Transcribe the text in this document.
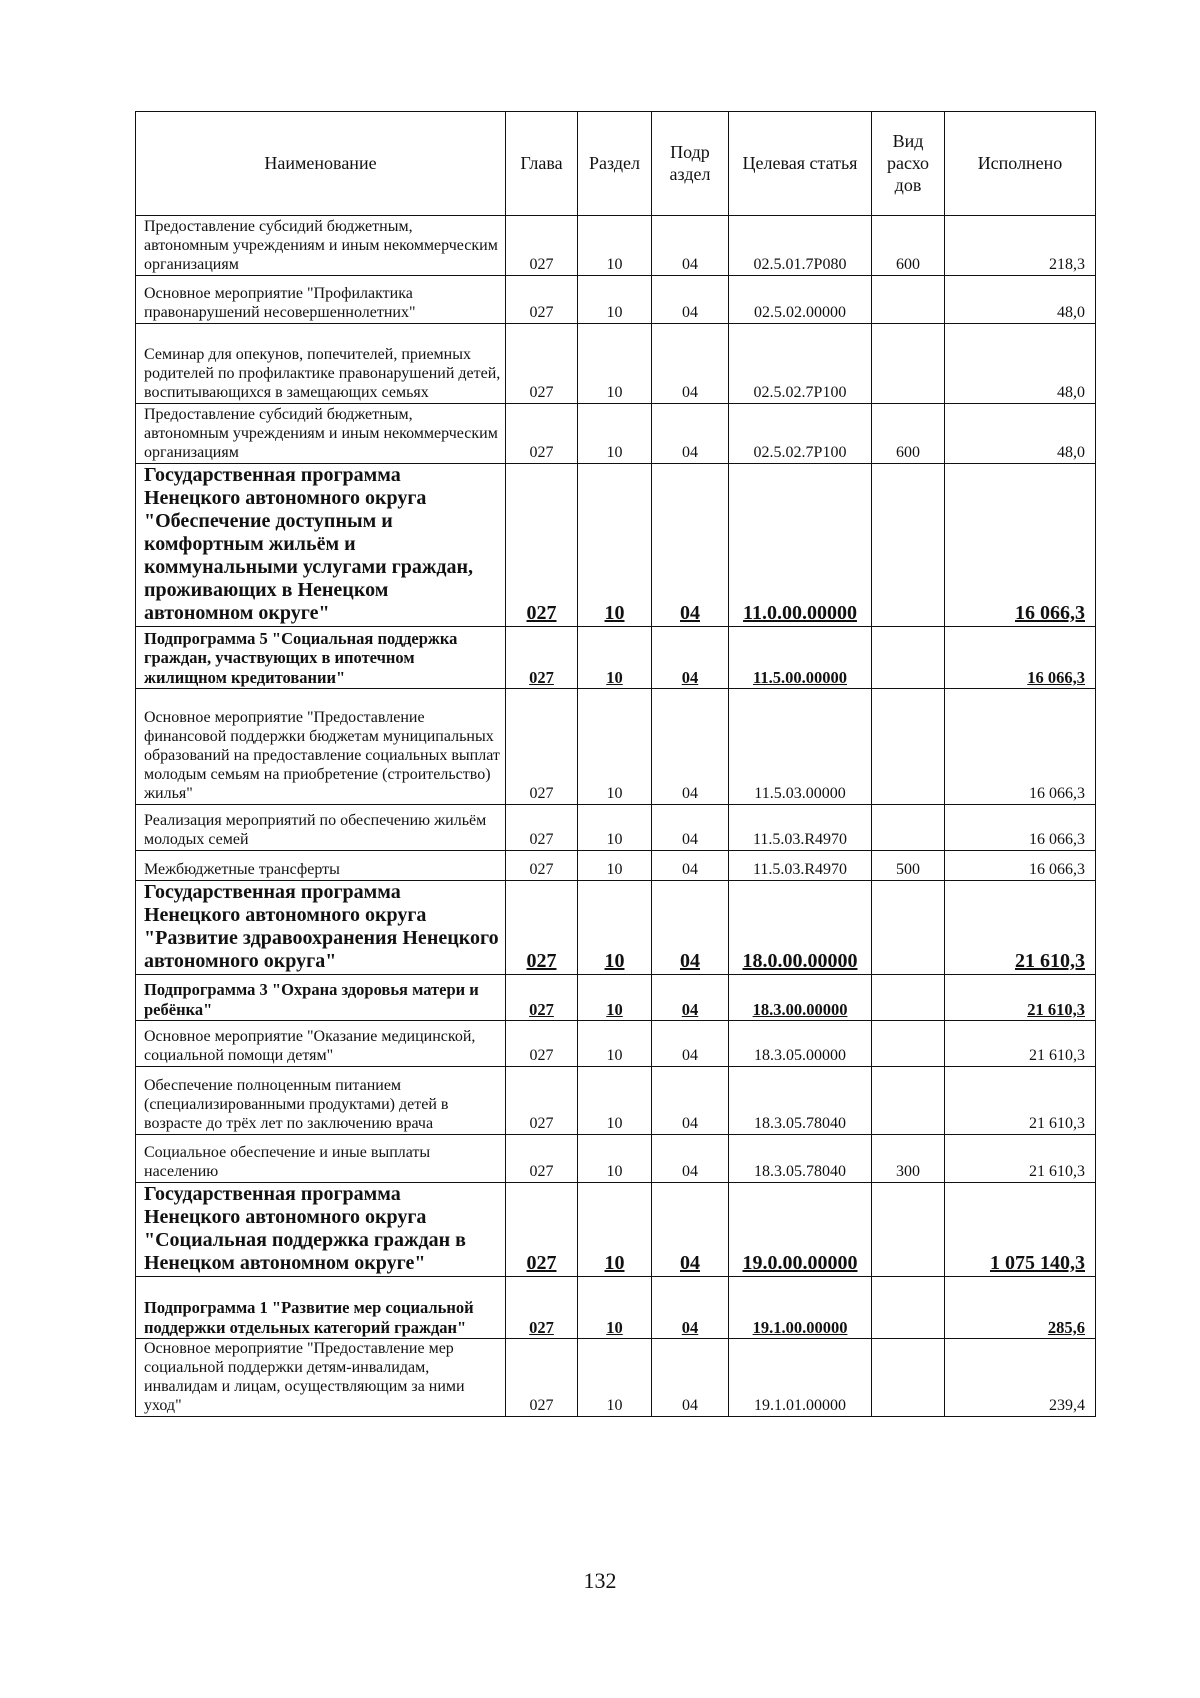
Наименование	Глава	Раздел	Подр аздел	Целевая статья	Вид расхо дов	Исполнено
Предоставление субсидий бюджетным, автономным учреждениям и иным некоммерческим организациям	027	10	04	02.5.01.7Р080	600	218,3
Основное мероприятие "Профилактика правонарушений несовершеннолетних"	027	10	04	02.5.02.00000		48,0
Семинар для опекунов, попечителей, приемных родителей по профилактике правонарушений детей, воспитывающихся в замещающих семьях	027	10	04	02.5.02.7Р100		48,0
Предоставление субсидий бюджетным, автономным учреждениям и иным некоммерческим организациям	027	10	04	02.5.02.7Р100	600	48,0
Государственная программа Ненецкого автономного округа "Обеспечение доступным и комфортным жильём и коммунальными услугами граждан, проживающих в Ненецком автономном округе"	027	10	04	11.0.00.00000		16 066,3
Подпрограмма 5 "Социальная поддержка граждан, участвующих в ипотечном жилищном кредитовании"	027	10	04	11.5.00.00000		16 066,3
Основное мероприятие "Предоставление финансовой поддержки бюджетам муниципальных образований на предоставление социальных выплат молодым семьям на приобретение (строительство) жилья"	027	10	04	11.5.03.00000		16 066,3
Реализация мероприятий по обеспечению жильём молодых семей	027	10	04	11.5.03.R4970		16 066,3
Межбюджетные трансферты	027	10	04	11.5.03.R4970	500	16 066,3
Государственная программа Ненецкого автономного округа "Развитие здравоохранения Ненецкого автономного округа"	027	10	04	18.0.00.00000		21 610,3
Подпрограмма 3 "Охрана здоровья матери и ребёнка"	027	10	04	18.3.00.00000		21 610,3
Основное мероприятие "Оказание медицинской, социальной помощи детям"	027	10	04	18.3.05.00000		21 610,3
Обеспечение полноценным питанием (специализированными продуктами) детей в возрасте до трёх лет по заключению врача	027	10	04	18.3.05.78040		21 610,3
Социальное обеспечение и иные выплаты населению	027	10	04	18.3.05.78040	300	21 610,3
Государственная программа Ненецкого автономного округа "Социальная поддержка граждан в Ненецком автономном округе"	027	10	04	19.0.00.00000		1 075 140,3
Подпрограмма 1 "Развитие мер социальной поддержки отдельных категорий граждан"	027	10	04	19.1.00.00000		285,6
Основное мероприятие "Предоставление мер социальной поддержки детям-инвалидам, инвалидам и лицам, осуществляющим за ними уход"	027	10	04	19.1.01.00000		239,4
132
